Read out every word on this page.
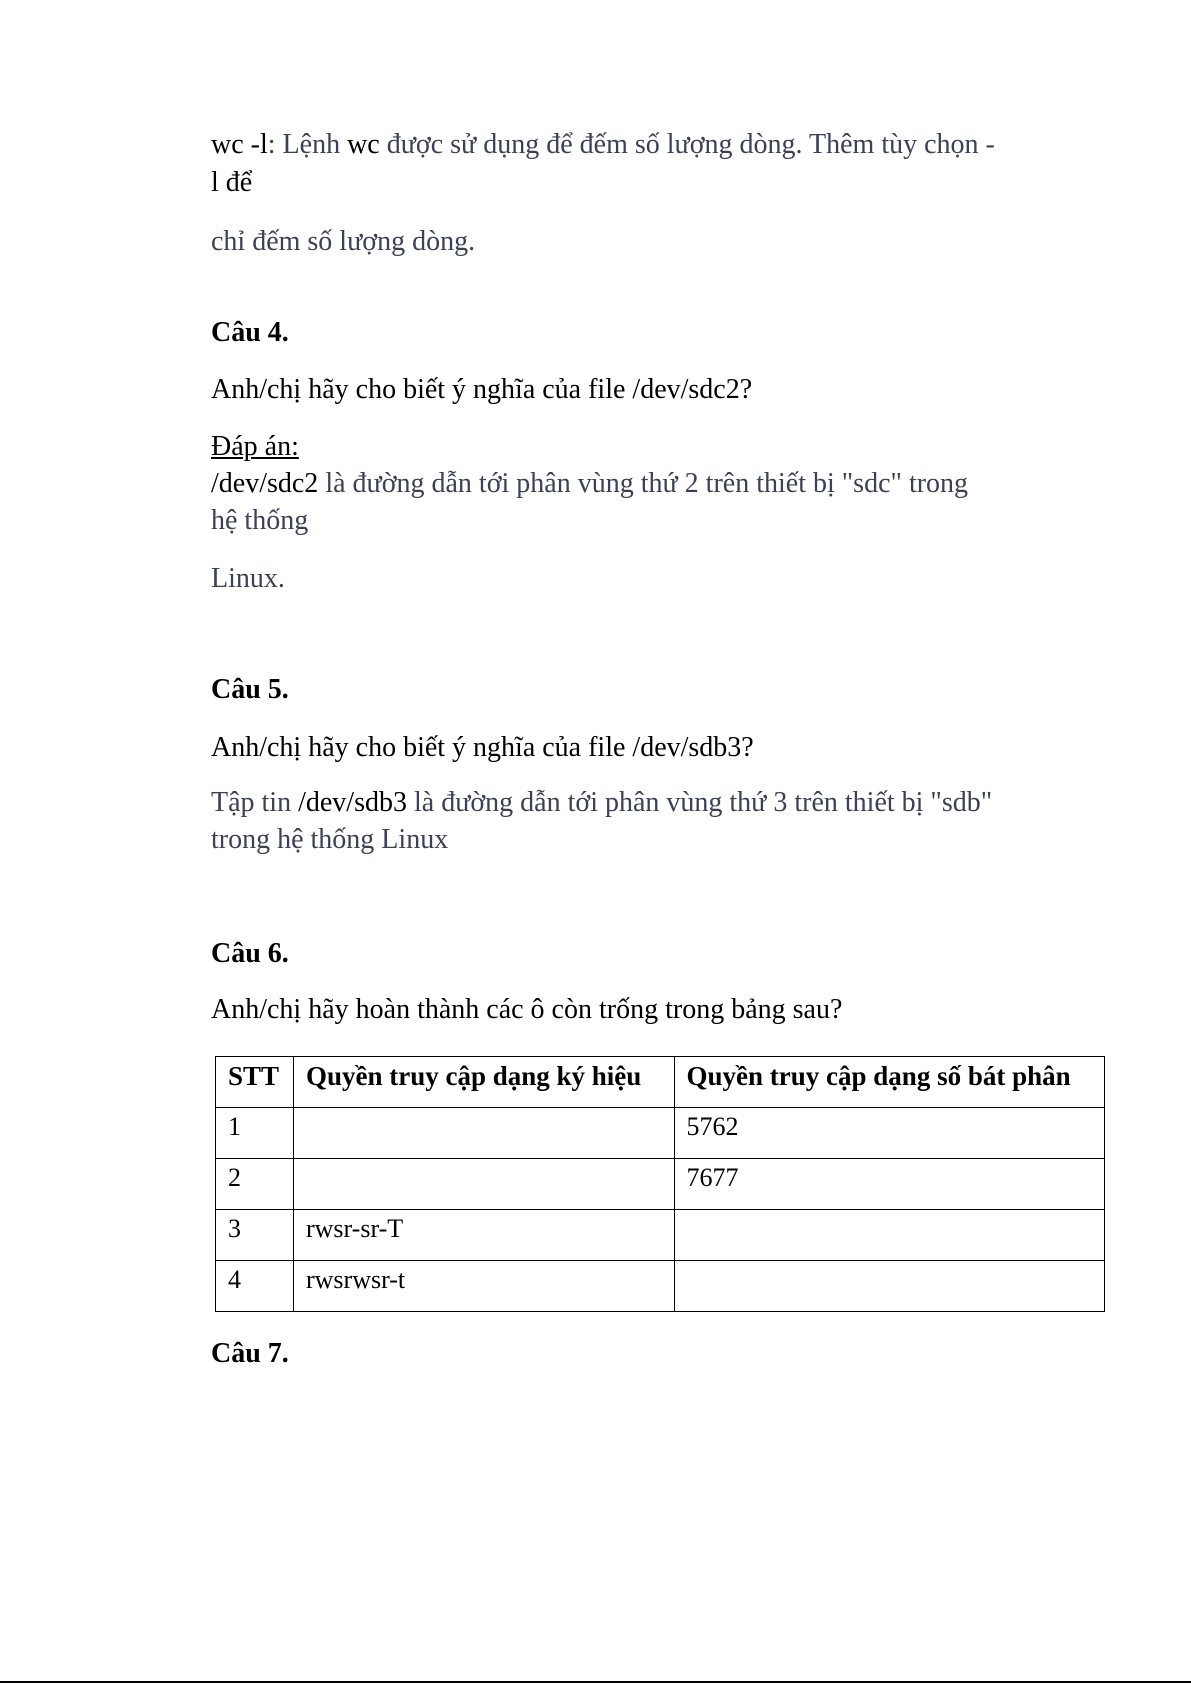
wc -l: Lệnh wc được sử dụng để đếm số lượng dòng. Thêm tùy chọn -
l để
chỉ đếm số lượng dòng.
Câu 4.
Anh/chị hãy cho biết ý nghĩa của file /dev/sdc2?
Đáp án:
/dev/sdc2 là đường dẫn tới phân vùng thứ 2 trên thiết bị "sdc" trong
hệ thống
Linux.
Câu 5.
Anh/chị hãy cho biết ý nghĩa của file /dev/sdb3?
Tập tin /dev/sdb3 là đường dẫn tới phân vùng thứ 3 trên thiết bị "sdb"
trong hệ thống Linux
Câu 6.
Anh/chị hãy hoàn thành các ô còn trống trong bảng sau?
STT	Quyền truy cập dạng ký hiệu	Quyền truy cập dạng số bát phân
1		5762
2		7677
3	rwsr-sr-T	
4	rwsrwsr-t	
Câu 7.
